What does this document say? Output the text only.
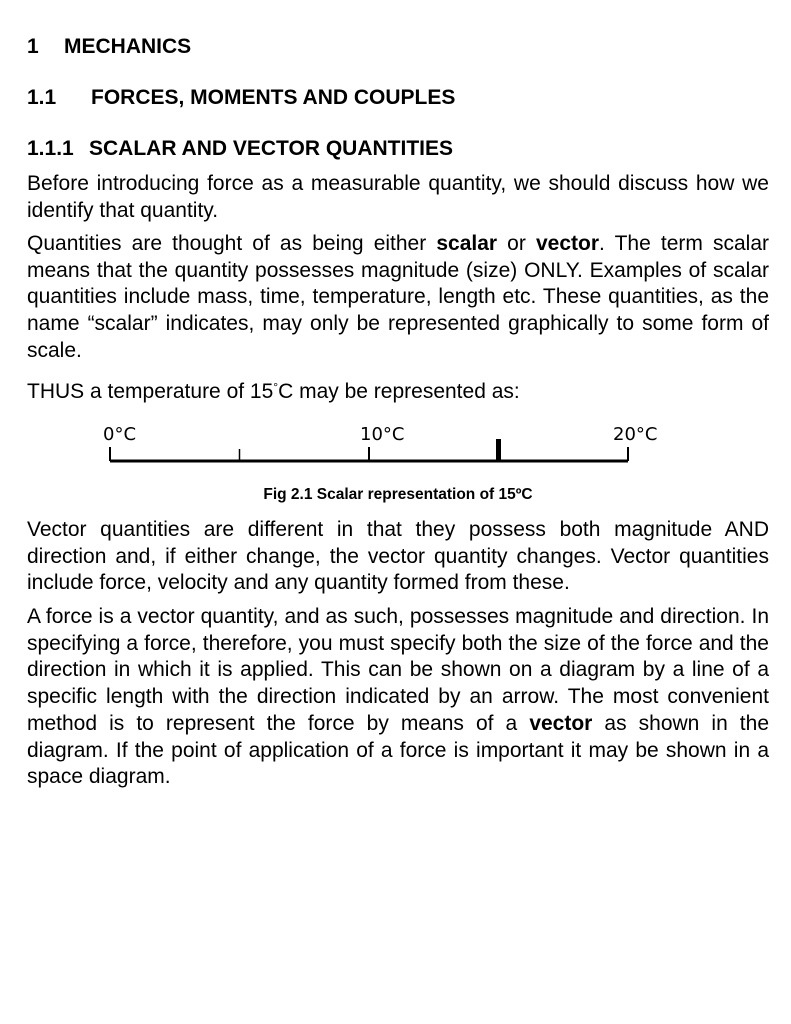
1 MECHANICS
1.1 FORCES, MOMENTS AND COUPLES
1.1.1 SCALAR AND VECTOR QUANTITIES

Before introducing force as a measurable quantity, we should discuss how we identify that quantity.

Quantities are thought of as being either scalar or vector. The term scalar means that the quantity possesses magnitude (size) ONLY. Examples of scalar quantities include mass, time, temperature, length etc. These quantities, as the name “scalar” indicates, may only be represented graphically to some form of scale.

THUS a temperature of 15°C may be represented as:

0°C	10°C	20°C
Fig 2.1 Scalar representation of 15ºC

Vector quantities are different in that they possess both magnitude AND direction and, if either change, the vector quantity changes. Vector quantities include force, velocity and any quantity formed from these.

A force is a vector quantity, and as such, possesses magnitude and direction. In specifying a force, therefore, you must specify both the size of the force and the direction in which it is applied. This can be shown on a diagram by a line of a specific length with the direction indicated by an arrow. The most convenient method is to represent the force by means of a vector as shown in the diagram. If the point of application of a force is important it may be shown in a space diagram.
